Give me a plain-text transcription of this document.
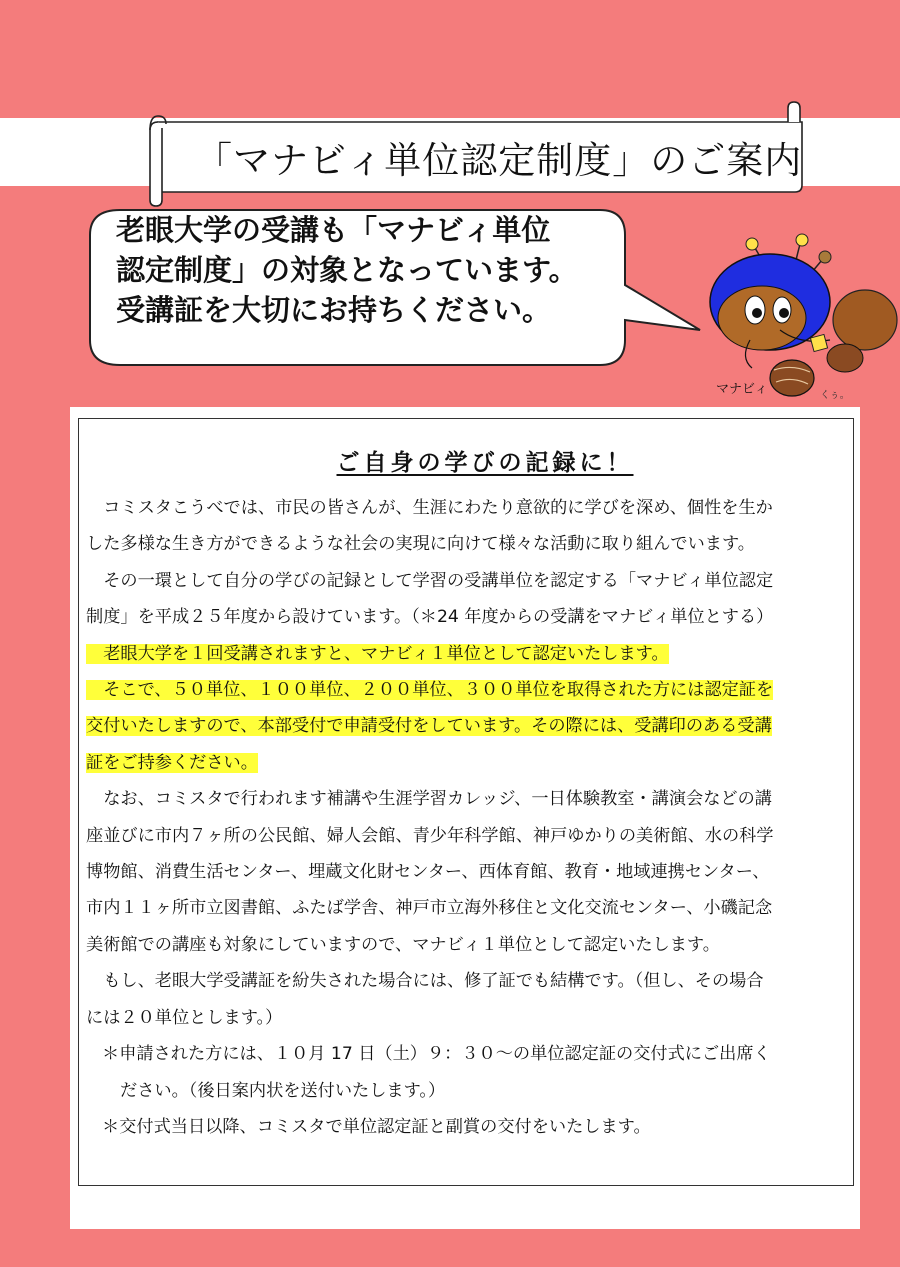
「マナビィ単位認定制度」のご案内
老眼大学の受講も「マナビィ単位
認定制度」の対象となっています。
受講証を大切にお持ちください。
マナビィ	くぅ。
ご自身の学びの記録に！

　コミスタこうべでは、市民の皆さんが、生涯にわたり意欲的に学びを深め、個性を生か

した多様な生き方ができるような社会の実現に向けて様々な活動に取り組んでいます。

　その一環として自分の学びの記録として学習の受講単位を認定する「マナビィ単位認定

制度」を平成２５年度から設けています。（＊24 年度からの受講をマナビィ単位とする）

　老眼大学を１回受講されますと、マナビィ１単位として認定いたします。

　そこで、５０単位、１００単位、２００単位、３００単位を取得された方には認定証を

交付いたしますので、本部受付で申請受付をしています。その際には、受講印のある受講

証をご持参ください。

　なお、コミスタで行われます補講や生涯学習カレッジ、一日体験教室・講演会などの講

座並びに市内７ヶ所の公民館、婦人会館、青少年科学館、神戸ゆかりの美術館、水の科学

博物館、消費生活センター、埋蔵文化財センター、西体育館、教育・地域連携センター、

市内１１ヶ所市立図書館、ふたば学舎、神戸市立海外移住と文化交流センター、小磯記念

美術館での講座も対象にしていますので、マナビィ１単位として認定いたします。

　もし、老眼大学受講証を紛失された場合には、修了証でも結構です。（但し、その場合

には２０単位とします。）

＊申請された方には、１０月 17 日（土）９：３０～の単位認定証の交付式にご出席く

ださい。（後日案内状を送付いたします。）

＊交付式当日以降、コミスタで単位認定証と副賞の交付をいたします。
